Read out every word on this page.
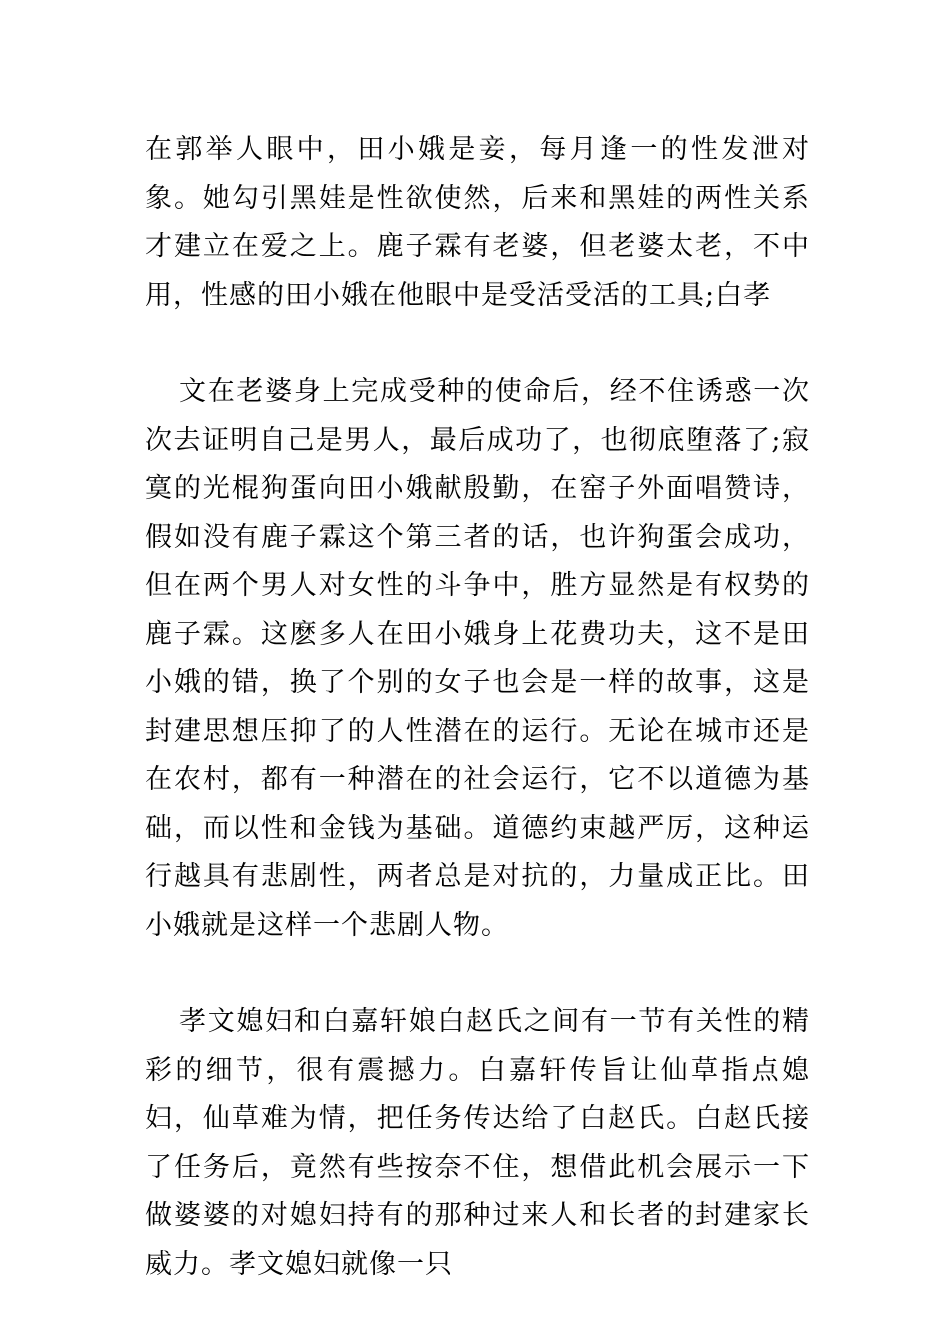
在郭举人眼中，田小娥是妾，每月逢一的性发泄对象。她勾引黑娃是性欲使然，后来和黑娃的两性关系才建立在爱之上。鹿子霖有老婆，但老婆太老，不中用，性感的田小娥在他眼中是受活受活的工具;白孝

文在老婆身上完成受种的使命后，经不住诱惑一次次去证明自己是男人，最后成功了，也彻底堕落了;寂寞的光棍狗蛋向田小娥献殷勤，在窑子外面唱赞诗，假如没有鹿子霖这个第三者的话，也许狗蛋会成功，但在两个男人对女性的斗争中，胜方显然是有权势的鹿子霖。这麽多人在田小娥身上花费功夫，这不是田小娥的错，换了个别的女子也会是一样的故事，这是封建思想压抑了的人性潜在的运行。无论在城市还是在农村，都有一种潜在的社会运行，它不以道德为基础，而以性和金钱为基础。道德约束越严厉，这种运行越具有悲剧性，两者总是对抗的，力量成正比。田小娥就是这样一个悲剧人物。

孝文媳妇和白嘉轩娘白赵氏之间有一节有关性的精彩的细节，很有震撼力。白嘉轩传旨让仙草指点媳妇，仙草难为情，把任务传达给了白赵氏。白赵氏接了任务后，竟然有些按奈不住，想借此机会展示一下做婆婆的对媳妇持有的那种过来人和长者的封建家长威力。孝文媳妇就像一只
